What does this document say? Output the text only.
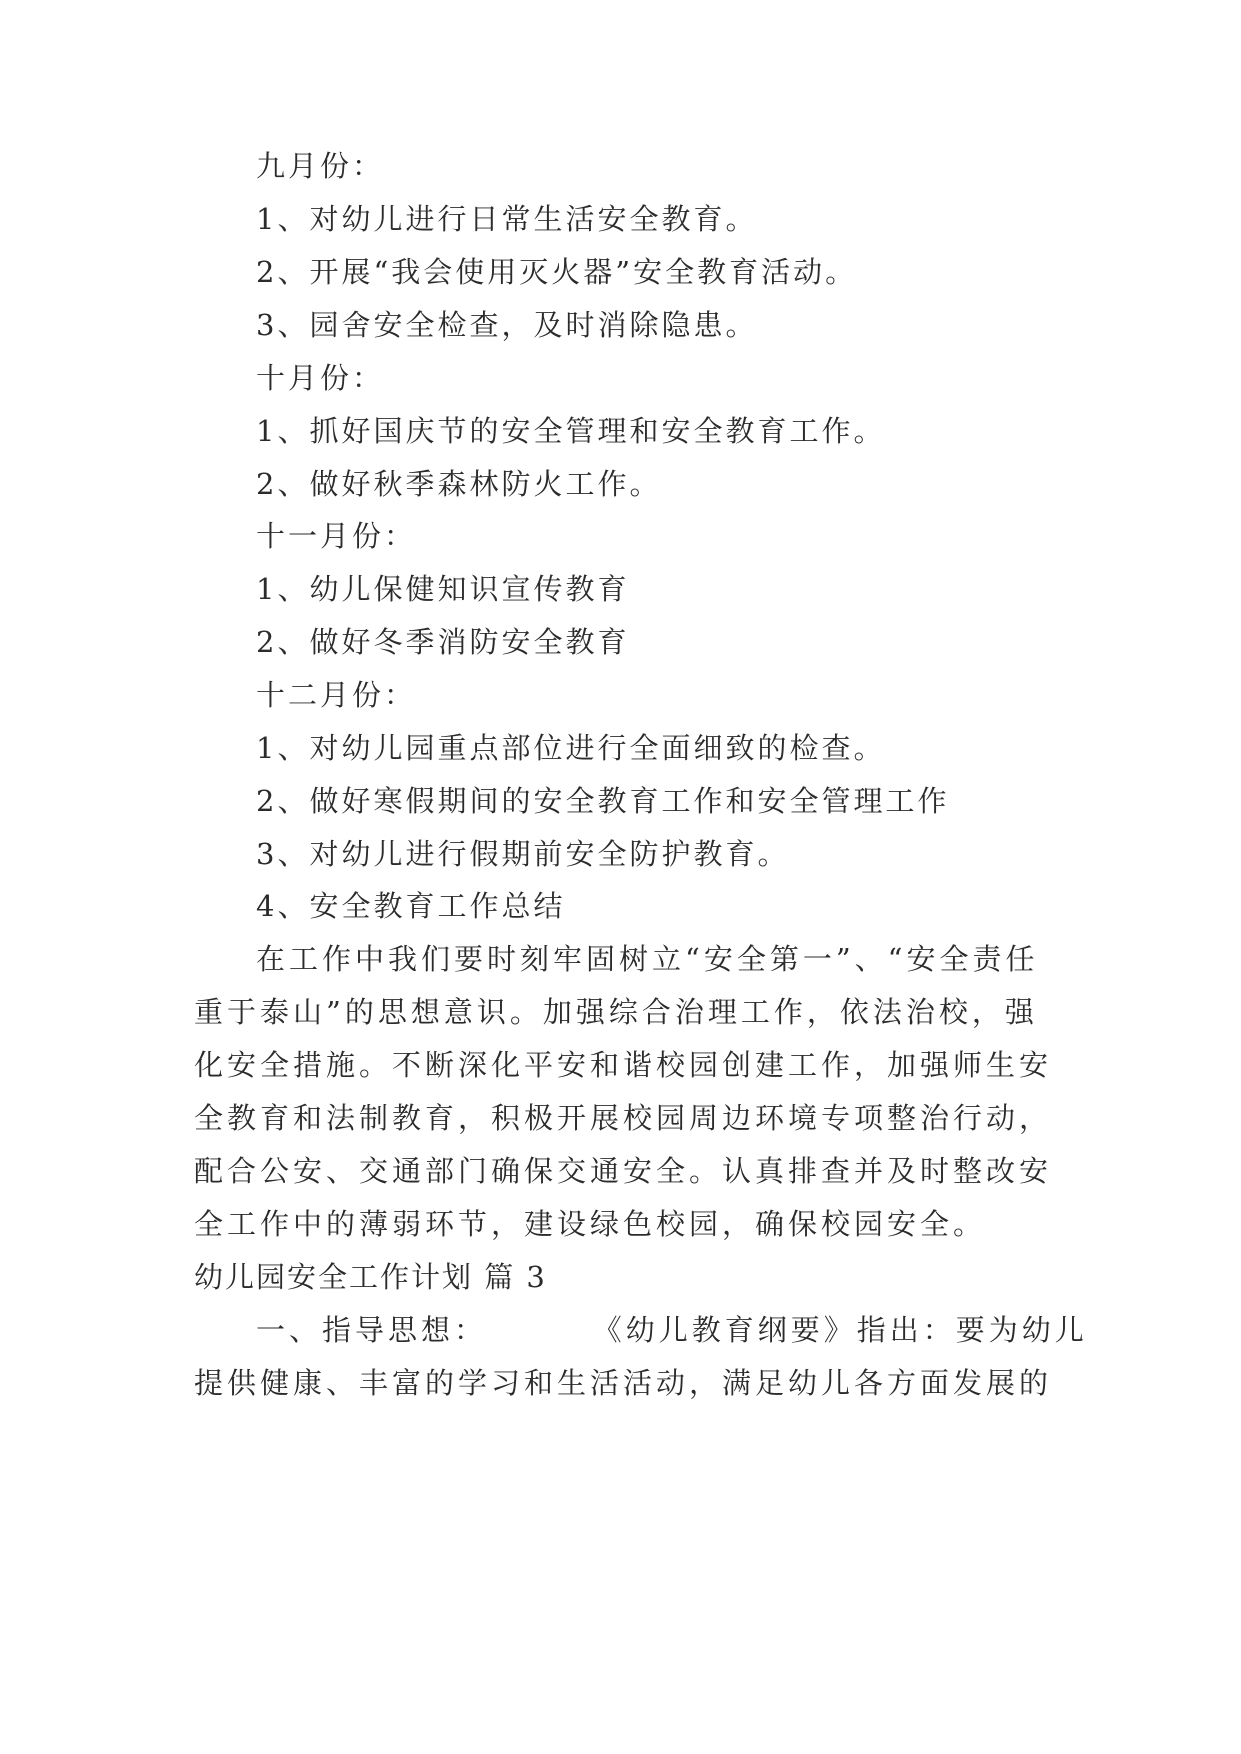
九月份：

1、对幼儿进行日常生活安全教育。

2、开展“我会使用灭火器”安全教育活动。

3、园舍安全检查，及时消除隐患。

十月份：

1、抓好国庆节的安全管理和安全教育工作。

2、做好秋季森林防火工作。

十一月份：

1、幼儿保健知识宣传教育

2、做好冬季消防安全教育

十二月份：

1、对幼儿园重点部位进行全面细致的检查。

2、做好寒假期间的安全教育工作和安全管理工作

3、对幼儿进行假期前安全防护教育。

4、安全教育工作总结

在工作中我们要时刻牢固树立“安全第一”、“安全责任

重于泰山”的思想意识。加强综合治理工作，依法治校，强

化安全措施。不断深化平安和谐校园创建工作，加强师生安

全教育和法制教育，积极开展校园周边环境专项整治行动，

配合公安、交通部门确保交通安全。认真排查并及时整改安

全工作中的薄弱环节，建设绿色校园，确保校园安全。

幼儿园安全工作计划 篇 3

一、指导思想：        《幼儿教育纲要》指出：要为幼儿

提供健康、丰富的学习和生活活动，满足幼儿各方面发展的
